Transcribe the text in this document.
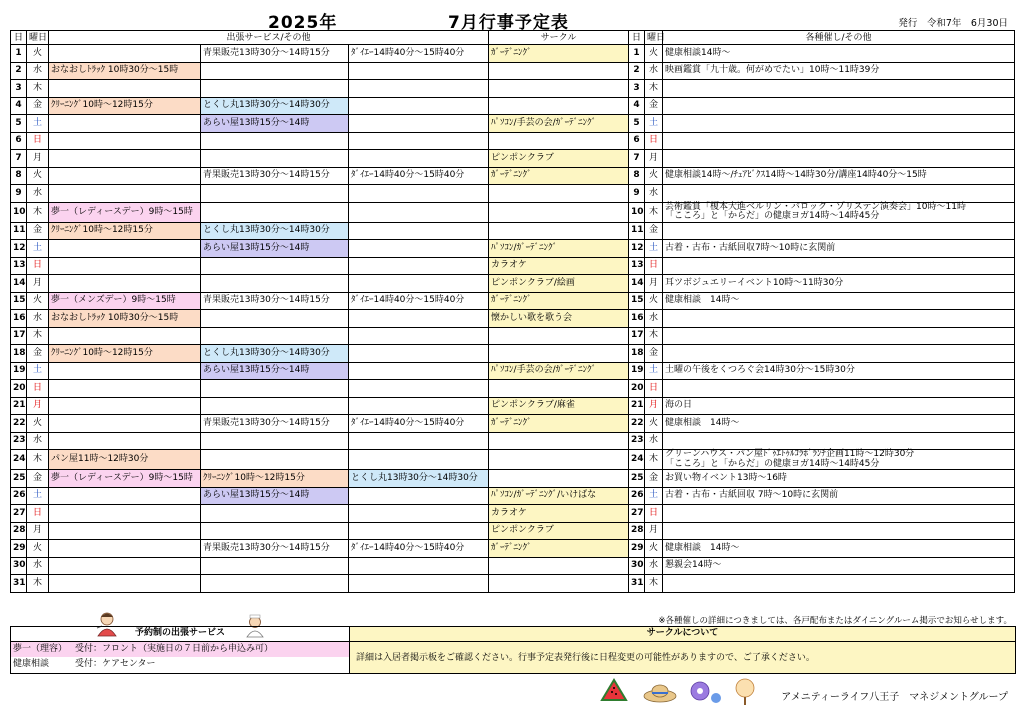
2025年	7月行事予定表	発行　令和7年　6月30日
日	曜日	出張サービス/その他			サークル	日	曜日	各種催し/その他
1	火		青果販売13時30分～14時15分	ﾀﾞｲｴｰ14時40分～15時40分	ｶﾞｰﾃﾞﾆﾝｸﾞ	1	火	健康相談14時～
2	水	おなおしﾄﾗｯｸ 10時30分～15時				2	水	映画鑑賞「九十歳。何がめでたい」10時～11時39分
3	木					3	木	
4	金	ｸﾘｰﾆﾝｸﾞ10時～12時15分	とくし丸13時30分～14時30分			4	金	
5	土		あらい屋13時15分～14時		ﾊﾟｿｺﾝ/手芸の会/ｶﾞｰﾃﾞﾆﾝｸﾞ	5	土	
6	日					6	日	
7	月				ピンポンクラブ	7	月	
8	火		青果販売13時30分～14時15分	ﾀﾞｲｴｰ14時40分～15時40分	ｶﾞｰﾃﾞﾆﾝｸﾞ	8	火	健康相談14時～/ﾁｪｱﾋﾞｸｽ14時～14時30分/講座14時40分～15時
9	水					9	水	
10	木	夢一（レディースデー）9時～15時				10	木	芸術鑑賞「榎本大進ベルリン・バロック・ゾリステン演奏会」10時～11時
「こころ」と「からだ」の健康ヨガ14時～14時45分
11	金	ｸﾘｰﾆﾝｸﾞ10時～12時15分	とくし丸13時30分～14時30分			11	金	
12	土		あらい屋13時15分～14時		ﾊﾟｿｺﾝ/ｶﾞｰﾃﾞﾆﾝｸﾞ	12	土	古着・古布・古紙回収7時～10時に玄関前
13	日				カラオケ	13	日	
14	月				ピンポンクラブ/絵画	14	月	耳ツボジュエリーイベント10時～11時30分
15	火	夢一（メンズデー）9時～15時	青果販売13時30分～14時15分	ﾀﾞｲｴｰ14時40分～15時40分	ｶﾞｰﾃﾞﾆﾝｸﾞ	15	火	健康相談　14時～
16	水	おなおしﾄﾗｯｸ 10時30分～15時			懐かしい歌を歌う会	16	水	
17	木					17	木	
18	金	ｸﾘｰﾆﾝｸﾞ10時～12時15分	とくし丸13時30分～14時30分			18	金	
19	土		あらい屋13時15分～14時		ﾊﾟｿｺﾝ/手芸の会/ｶﾞｰﾃﾞﾆﾝｸﾞ	19	土	土曜の午後をくつろぐ会14時30分～15時30分
20	日					20	日	
21	月				ピンポンクラブ/麻雀	21	月	海の日
22	火		青果販売13時30分～14時15分	ﾀﾞｲｴｰ14時40分～15時40分	ｶﾞｰﾃﾞﾆﾝｸﾞ	22	火	健康相談　14時～
23	水					23	水	
24	木	パン屋11時～12時30分				24	木	グリーンハウス・パン屋ﾄﾞｩｴﾄｩﾙｺﾗﾎﾞﾗﾝﾁ企画11時～12時30分
「こころ」と「からだ」の健康ヨガ14時～14時45分
25	金	夢一（レディースデー）9時～15時	ｸﾘｰﾆﾝｸﾞ10時～12時15分	とくし丸13時30分～14時30分		25	金	お買い物イベント13時～16時
26	土		あらい屋13時15分～14時		ﾊﾟｿｺﾝ/ｶﾞｰﾃﾞﾆﾝｸﾞ/いけばな	26	土	古着・古布・古紙回収 7時～10時に玄関前
27	日				カラオケ	27	日	
28	月				ピンポンクラブ	28	月	
29	火		青果販売13時30分～14時15分	ﾀﾞｲｴｰ14時40分～15時40分	ｶﾞｰﾃﾞﾆﾝｸﾞ	29	火	健康相談　14時～
30	水					30	水	懇親会14時～
31	木					31	木	
※各種催しの詳細につきましては、各戸配布またはダイニングルーム掲示でお知らせします。
予約制の出張サービス
夢一（理容） 受付：フロント（実施日の７日前から申込み可）
健康相談	受付：ケアセンター
サークルについて
詳細は入居者掲示板をご確認ください。行事予定表発行後に日程変更の可能性がありますので、ご了承ください。
アメニティーライフ八王子　マネジメントグループ
